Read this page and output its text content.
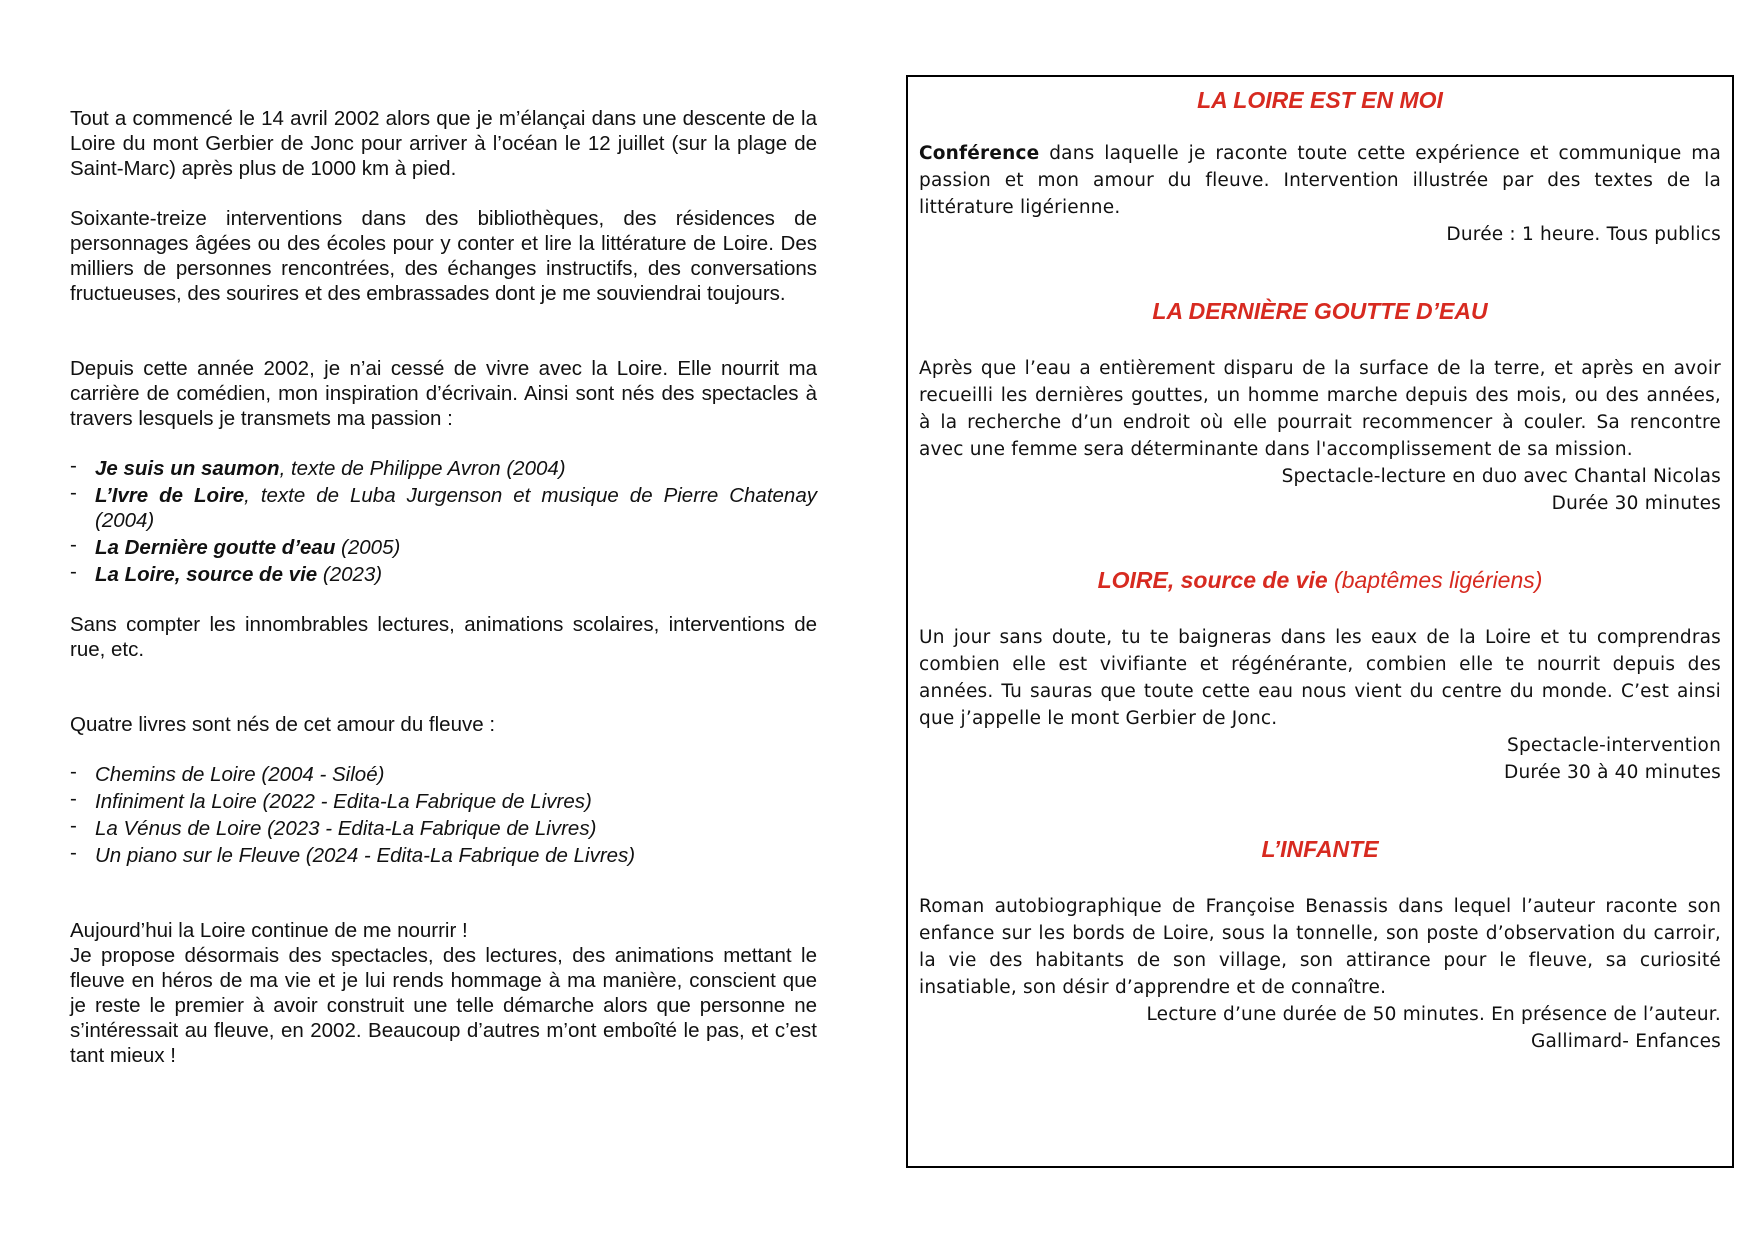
Tout a commencé le 14 avril 2002 alors que je m’élançai dans une descente de la Loire du mont Gerbier de Jonc pour arriver à l’océan le 12 juillet (sur la plage de Saint-Marc) après plus de 1000 km à pied.

Soixante-treize interventions dans des bibliothèques, des résidences de personnages âgées ou des écoles pour y conter et lire la littérature de Loire. Des milliers de personnes rencontrées, des échanges instructifs, des conversations fructueuses, des sourires et des embrassades dont je me souviendrai toujours.

Depuis cette année 2002, je n’ai cessé de vivre avec la Loire. Elle nourrit ma carrière de comédien, mon inspiration d’écrivain. Ainsi sont nés des spectacles à travers lesquels je transmets ma passion :

- Je suis un saumon, texte de Philippe Avron (2004)
- L’Ivre de Loire, texte de Luba Jurgenson et musique de Pierre Chatenay (2004)
- La Dernière goutte d’eau (2005)
- La Loire, source de vie (2023)

Sans compter les innombrables lectures, animations scolaires, interventions de rue, etc.

Quatre livres sont nés de cet amour du fleuve :

- Chemins de Loire (2004 - Siloé)
- Infiniment la Loire (2022 - Edita-La Fabrique de Livres)
- La Vénus de Loire (2023 - Edita-La Fabrique de Livres)
- Un piano sur le Fleuve (2024 - Edita-La Fabrique de Livres)

Aujourd’hui la Loire continue de me nourrir !

Je propose désormais des spectacles, des lectures, des animations mettant le fleuve en héros de ma vie et je lui rends hommage à ma manière, conscient que je reste le premier à avoir construit une telle démarche alors que personne ne s’intéressait au fleuve, en 2002. Beaucoup d’autres m’ont emboîté le pas, et c’est tant mieux !

LA LOIRE EST EN MOI

Conférence dans laquelle je raconte toute cette expérience et communique ma passion et mon amour du fleuve. Intervention illustrée par des textes de la littérature ligérienne.

Durée : 1 heure. Tous publics

LA DERNIÈRE GOUTTE D’EAU

Après que l’eau a entièrement disparu de la surface de la terre, et après en avoir recueilli les dernières gouttes, un homme marche depuis des mois, ou des années, à la recherche d’un endroit où elle pourrait recommencer à couler. Sa rencontre avec une femme sera déterminante dans l'accomplissement de sa mission.

Spectacle-lecture en duo avec Chantal Nicolas

Durée 30 minutes

LOIRE, source de vie (baptêmes ligériens)

Un jour sans doute, tu te baigneras dans les eaux de la Loire et tu comprendras combien elle est vivifiante et régénérante, combien elle te nourrit depuis des années. Tu sauras que toute cette eau nous vient du centre du monde. C’est ainsi que j’appelle le mont Gerbier de Jonc.

Spectacle-intervention

Durée 30 à 40 minutes

L’INFANTE

Roman autobiographique de Françoise Benassis dans lequel l’auteur raconte son enfance sur les bords de Loire, sous la tonnelle, son poste d’observation du carroir, la vie des habitants de son village, son attirance pour le fleuve, sa curiosité insatiable, son désir d’apprendre et de connaître.

Lecture d’une durée de 50 minutes. En présence de l’auteur.

Gallimard- Enfances
